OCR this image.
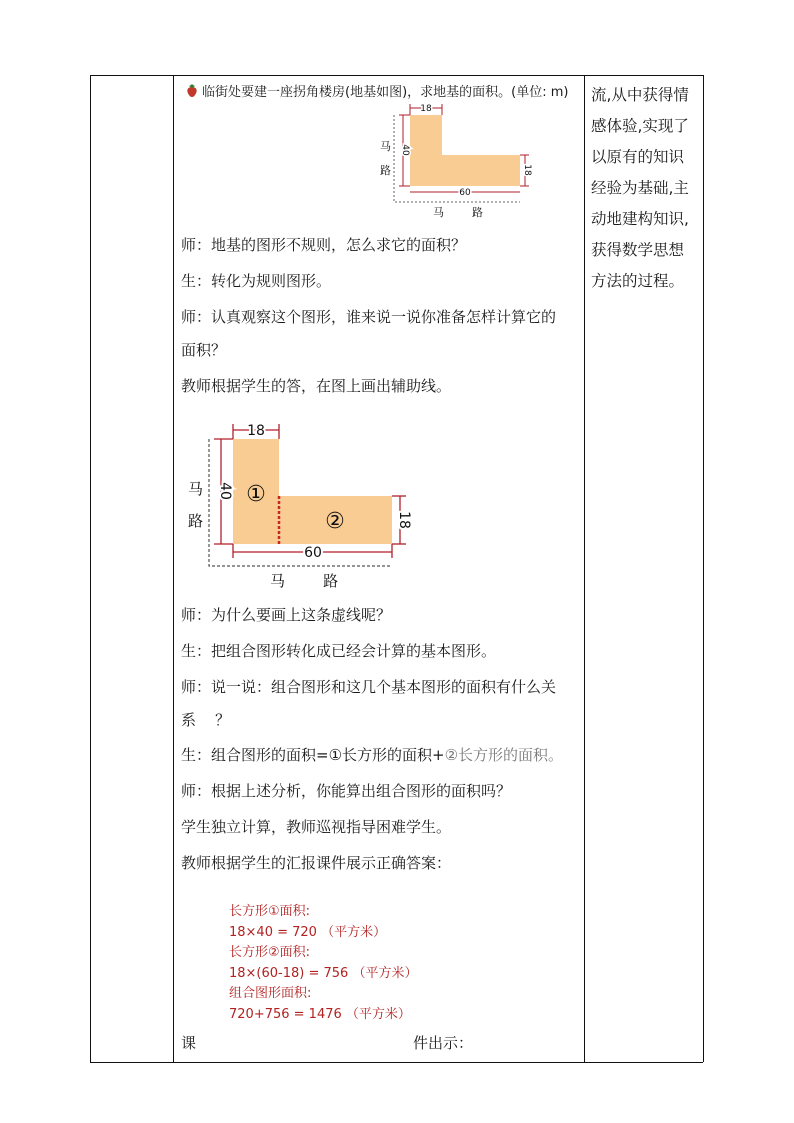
临街处要建一座拐角楼房(地基如图)，求地基的面积。(单位: m)
18
40
18
60
马
路
马        路
师：地基的图形不规则，怎么求它的面积？
生：转化为规则图形。
师：认真观察这个图形，谁来说一说你准备怎样计算它的
面积？
教师根据学生的答，在图上画出辅助线。
18
40
18
60
①
②
马
路
马        路
师：为什么要画上这条虚线呢？
生：把组合图形转化成已经会计算的基本图形。
师：说一说：组合图形和这几个基本图形的面积有什么关
系    ？
生：组合图形的面积=①长方形的面积+②长方形的面积。
师：根据上述分析，你能算出组合图形的面积吗？
学生独立计算，教师巡视指导困难学生。
教师根据学生的汇报课件展示正确答案：
长方形①面积:
18×40 = 720 （平方米）
长方形②面积:
18×(60-18) = 756 （平方米）
组合图形面积:
720+756 = 1476 （平方米）
课	件出示：
流,从中获得情
感体验,实现了
以原有的知识
经验为基础,主
动地建构知识,
获得数学思想
方法的过程。
